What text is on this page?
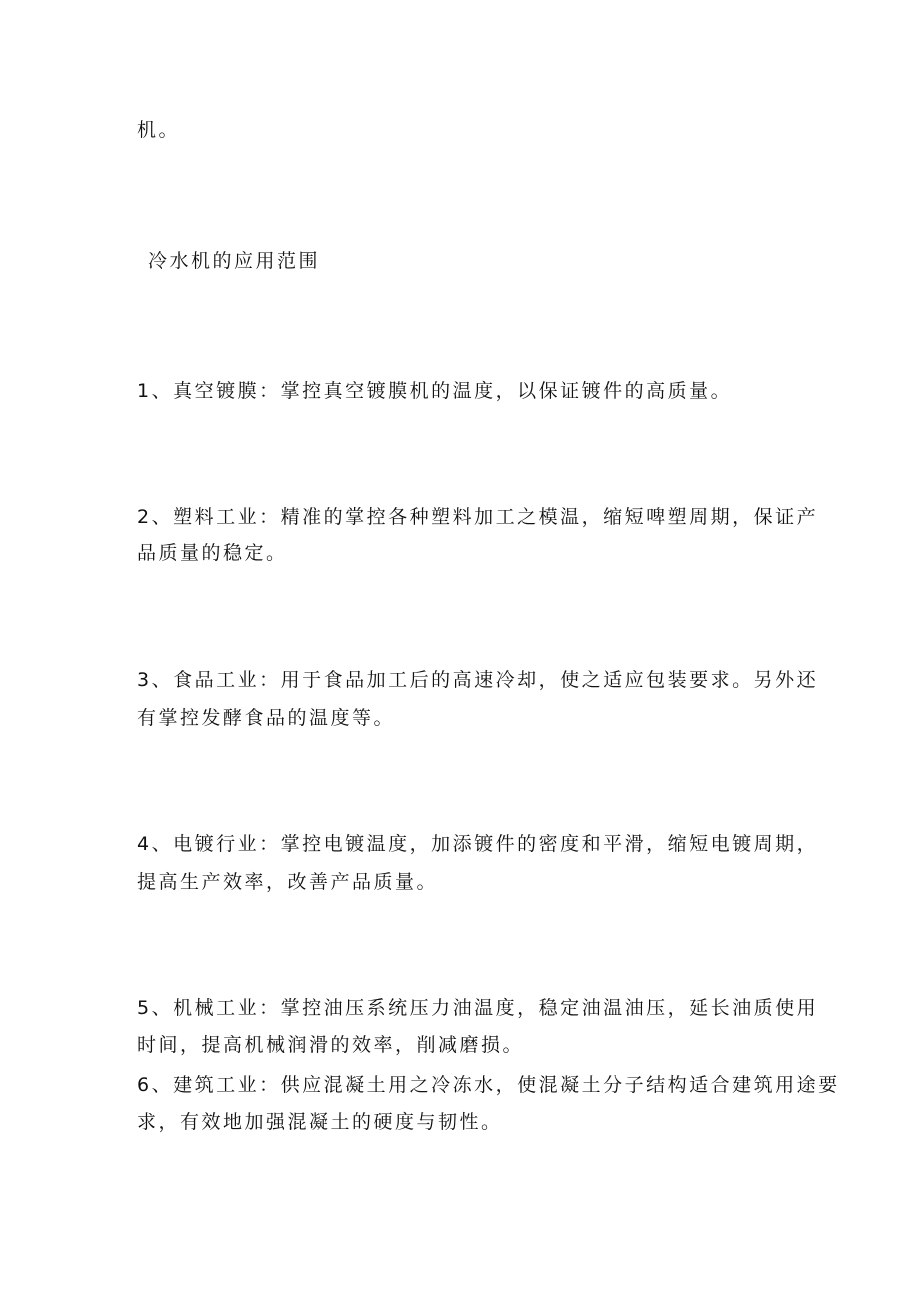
机。

冷水机的应用范围

1、真空镀膜：掌控真空镀膜机的温度，以保证镀件的高质量。

2、塑料工业：精准的掌控各种塑料加工之模温，缩短啤塑周期，保证产

品质量的稳定。

3、食品工业：用于食品加工后的高速冷却，使之适应包装要求。另外还

有掌控发酵食品的温度等。

4、电镀行业：掌控电镀温度，加添镀件的密度和平滑，缩短电镀周期，

提高生产效率，改善产品质量。

5、机械工业：掌控油压系统压力油温度，稳定油温油压，延长油质使用

时间，提高机械润滑的效率，削减磨损。

6、建筑工业：供应混凝土用之冷冻水，使混凝土分子结构适合建筑用途要

求，有效地加强混凝土的硬度与韧性。
